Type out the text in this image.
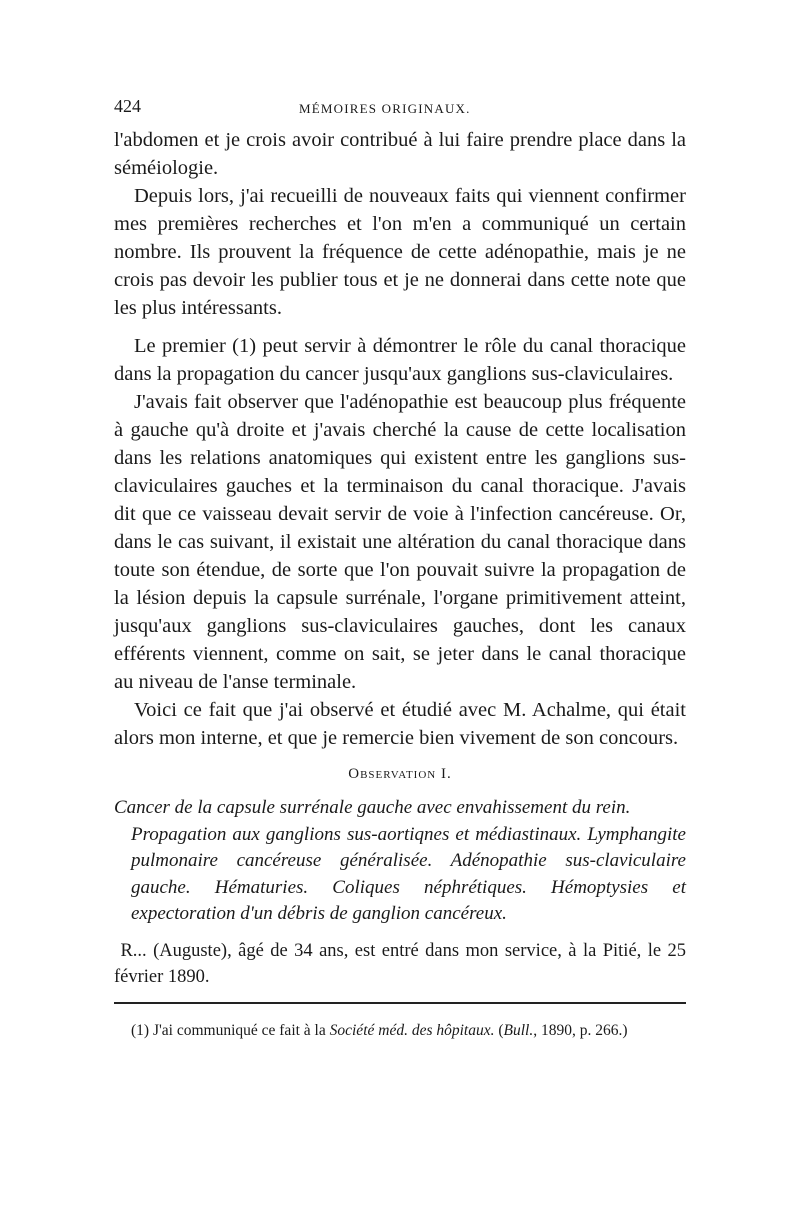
424	MÉMOIRES ORIGINAUX.

l'abdomen et je crois avoir contribué à lui faire prendre place dans la séméiologie.

Depuis lors, j'ai recueilli de nouveaux faits qui viennent confirmer mes premières recherches et l'on m'en a communiqué un certain nombre. Ils prouvent la fréquence de cette adénopathie, mais je ne crois pas devoir les publier tous et je ne donnerai dans cette note que les plus intéressants.

Le premier (1) peut servir à démontrer le rôle du canal thoracique dans la propagation du cancer jusqu'aux ganglions sus-claviculaires.

J'avais fait observer que l'adénopathie est beaucoup plus fréquente à gauche qu'à droite et j'avais cherché la cause de cette localisation dans les relations anatomiques qui existent entre les ganglions sus-claviculaires gauches et la terminaison du canal thoracique. J'avais dit que ce vaisseau devait servir de voie à l'infection cancéreuse. Or, dans le cas suivant, il existait une altération du canal thoracique dans toute son étendue, de sorte que l'on pouvait suivre la propagation de la lésion depuis la capsule surrénale, l'organe primitivement atteint, jusqu'aux ganglions sus-claviculaires gauches, dont les canaux efférents viennent, comme on sait, se jeter dans le canal thoracique au niveau de l'anse terminale.

Voici ce fait que j'ai observé et étudié avec M. Achalme, qui était alors mon interne, et que je remercie bien vivement de son concours.

Observation I.

Cancer de la capsule surrénale gauche avec envahissement du rein.
Propagation aux ganglions sus-aortiqnes et médiastinaux. Lymphangite pulmonaire cancéreuse généralisée. Adénopathie sus-claviculaire gauche. Hématuries. Coliques néphrétiques. Hémoptysies et expectoration d'un débris de ganglion cancéreux.

R... (Auguste), âgé de 34 ans, est entré dans mon service, à la Pitié, le 25 février 1890.

(1) J'ai communiqué ce fait à la Société méd. des hôpitaux. (Bull., 1890, p. 266.)
